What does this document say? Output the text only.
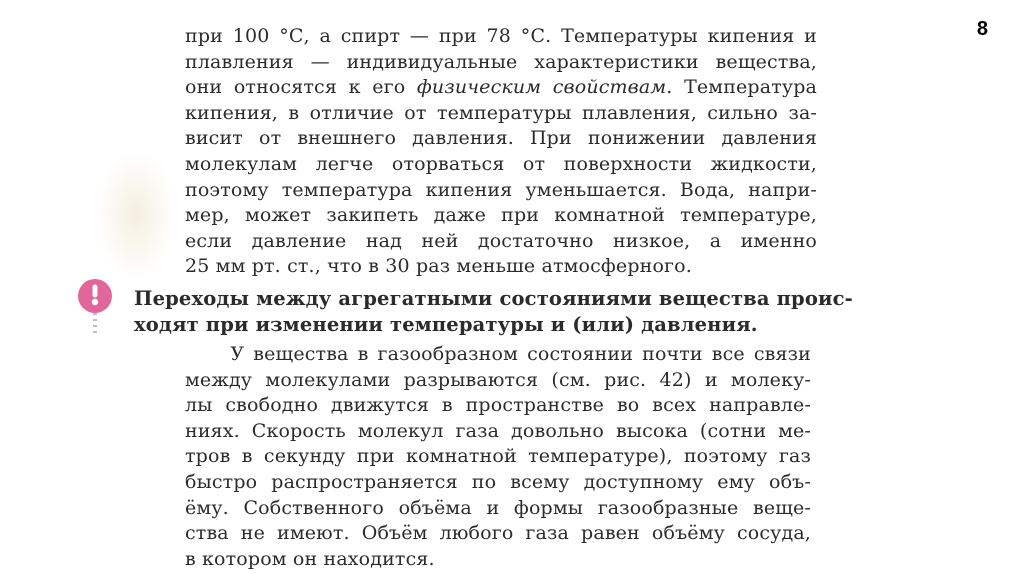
8
при 100 °С, а спирт — при 78 °С. Температуры кипения и
плавления — индивидуальные характеристики вещества,
они относятся к его физическим свойствам. Температура
кипения, в отличие от температуры плавления, сильно за-
висит от внешнего давления. При понижении давления
молекулам легче оторваться от поверхности жидкости,
поэтому температура кипения уменьшается. Вода, напри-
мер, может закипеть даже при комнатной температуре,
если давление над ней достаточно низкое, а именно
25 мм рт. ст., что в 30 раз меньше атмосферного.
Переходы между агрегатными состояниями вещества проис-
ходят при изменении температуры и (или) давления.
У вещества в газообразном состоянии почти все связи
между молекулами разрываются (см. рис. 42) и молеку-
лы свободно движутся в пространстве во всех направле-
ниях. Скорость молекул газа довольно высока (сотни ме-
тров в секунду при комнатной температуре), поэтому газ
быстро распространяется по всему доступному ему объ-
ёму. Собственного объёма и формы газообразные веще-
ства не имеют. Объём любого газа равен объёму сосуда,
в котором он находится.
